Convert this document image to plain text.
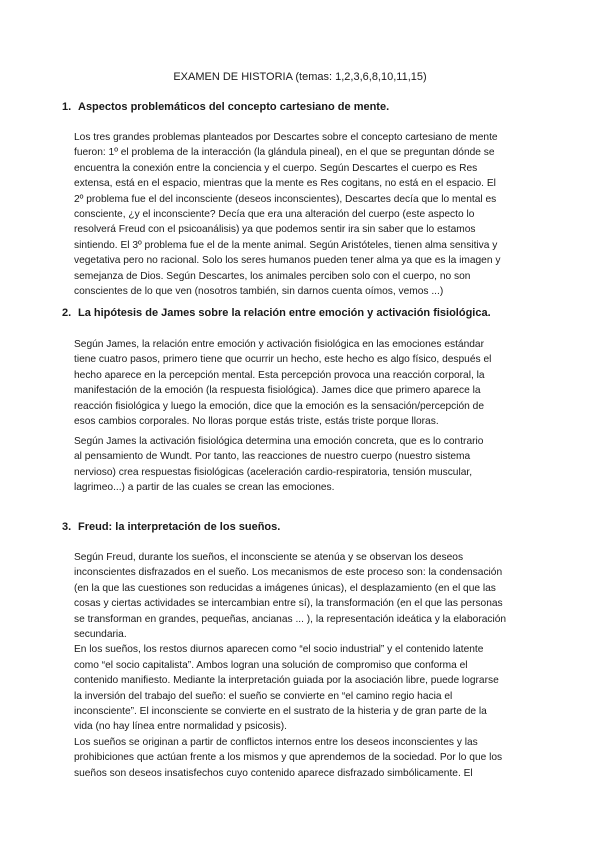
EXAMEN DE HISTORIA (temas: 1,2,3,6,8,10,11,15)
1. Aspectos problemáticos del concepto cartesiano de mente.
Los tres grandes problemas planteados por Descartes sobre el concepto cartesiano de mente
fueron: 1º el problema de la interacción (la glándula pineal), en el que se preguntan dónde se
encuentra la conexión entre la conciencia y el cuerpo. Según Descartes el cuerpo es Res
extensa, está en el espacio, mientras que la mente es Res cogitans, no está en el espacio. El
2º problema fue el del inconsciente (deseos inconscientes), Descartes decía que lo mental es
consciente, ¿y el inconsciente? Decía que era una alteración del cuerpo (este aspecto lo
resolverá Freud con el psicoanálisis) ya que podemos sentir ira sin saber que lo estamos
sintiendo. El 3º problema fue el de la mente animal. Según Aristóteles, tienen alma sensitiva y
vegetativa pero no racional. Solo los seres humanos pueden tener alma ya que es la imagen y
semejanza de Dios. Según Descartes, los animales perciben solo con el cuerpo, no son
conscientes de lo que ven (nosotros también, sin darnos cuenta oímos, vemos ...)
2. La hipótesis de James sobre la relación entre emoción y activación fisiológica.
Según James, la relación entre emoción y activación fisiológica en las emociones estándar
tiene cuatro pasos, primero tiene que ocurrir un hecho, este hecho es algo físico, después el
hecho aparece en la percepción mental. Esta percepción provoca una reacción corporal, la
manifestación de la emoción (la respuesta fisiológica). James dice que primero aparece la
reacción fisiológica y luego la emoción, dice que la emoción es la sensación/percepción de
esos cambios corporales. No lloras porque estás triste, estás triste porque lloras.
Según James la activación fisiológica determina una emoción concreta, que es lo contrario
al pensamiento de Wundt. Por tanto, las reacciones de nuestro cuerpo (nuestro sistema
nervioso) crea respuestas fisiológicas (aceleración cardio-respiratoria, tensión muscular,
lagrimeo...) a partir de las cuales se crean las emociones.
3. Freud: la interpretación de los sueños.
Según Freud, durante los sueños, el inconsciente se atenúa y se observan los deseos
inconscientes disfrazados en el sueño. Los mecanismos de este proceso son: la condensación
(en la que las cuestiones son reducidas a imágenes únicas), el desplazamiento (en el que las
cosas y ciertas actividades se intercambian entre sí), la transformación (en el que las personas
se transforman en grandes, pequeñas, ancianas ... ), la representación ideática y la elaboración
secundaria.
En los sueños, los restos diurnos aparecen como “el socio industrial” y el contenido latente
como “el socio capitalista”. Ambos logran una solución de compromiso que conforma el
contenido manifiesto. Mediante la interpretación guiada por la asociación libre, puede lograrse
la inversión del trabajo del sueño: el sueño se convierte en “el camino regio hacia el
inconsciente”. El inconsciente se convierte en el sustrato de la histeria y de gran parte de la
vida (no hay línea entre normalidad y psicosis).
Los sueños se originan a partir de conflictos internos entre los deseos inconscientes y las
prohibiciones que actúan frente a los mismos y que aprendemos de la sociedad. Por lo que los
sueños son deseos insatisfechos cuyo contenido aparece disfrazado simbólicamente. El
